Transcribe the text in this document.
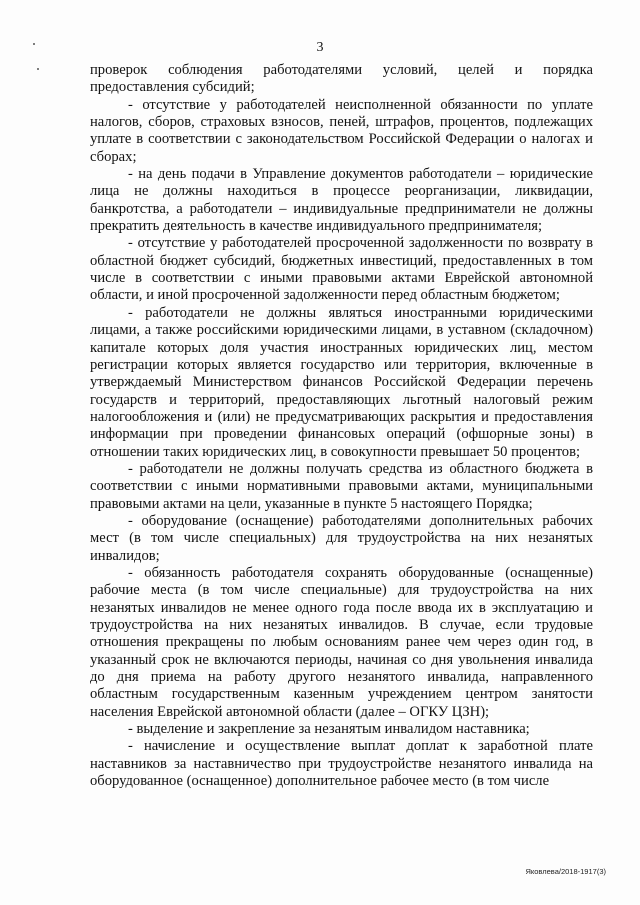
3

проверок соблюдения работодателями условий, целей и порядка предоставления субсидий;

- отсутствие у работодателей неисполненной обязанности по уплате налогов, сборов, страховых взносов, пеней, штрафов, процентов, подлежащих уплате в соответствии с законодательством Российской Федерации о налогах и сборах;

- на день подачи в Управление документов работодатели – юридические лица не должны находиться в процессе реорганизации, ликвидации, банкротства, а работодатели – индивидуальные предприниматели не должны прекратить деятельность в качестве индивидуального предпринимателя;

- отсутствие у работодателей просроченной задолженности по возврату в областной бюджет субсидий, бюджетных инвестиций, предоставленных в том числе в соответствии с иными правовыми актами Еврейской автономной области, и иной просроченной задолженности перед областным бюджетом;

- работодатели не должны являться иностранными юридическими лицами, а также российскими юридическими лицами, в уставном (складочном) капитале которых доля участия иностранных юридических лиц, местом регистрации которых является государство или территория, включенные в утверждаемый Министерством финансов Российской Федерации перечень государств и территорий, предоставляющих льготный налоговый режим налогообложения и (или) не предусматривающих раскрытия и предоставления информации при проведении финансовых операций (офшорные зоны) в отношении таких юридических лиц, в совокупности превышает 50 процентов;

- работодатели не должны получать средства из областного бюджета в соответствии с иными нормативными правовыми актами, муниципальными правовыми актами на цели, указанные в пункте 5 настоящего Порядка;

- оборудование (оснащение) работодателями дополнительных рабочих мест (в том числе специальных) для трудоустройства на них незанятых инвалидов;

- обязанность работодателя сохранять оборудованные (оснащенные) рабочие места (в том числе специальные) для трудоустройства на них незанятых инвалидов не менее одного года после ввода их в эксплуатацию и трудоустройства на них незанятых инвалидов. В случае, если трудовые отношения прекращены по любым основаниям ранее чем через один год, в указанный срок не включаются периоды, начиная со дня увольнения инвалида до дня приема на работу другого незанятого инвалида, направленного областным государственным казенным учреждением центром занятости населения Еврейской автономной области (далее – ОГКУ ЦЗН);

- выделение и закрепление за незанятым инвалидом наставника;

- начисление и осуществление выплат доплат к заработной плате наставников за наставничество при трудоустройстве незанятого инвалида на оборудованное (оснащенное) дополнительное рабочее место (в том числе

Яковлева/2018-1917(3)
